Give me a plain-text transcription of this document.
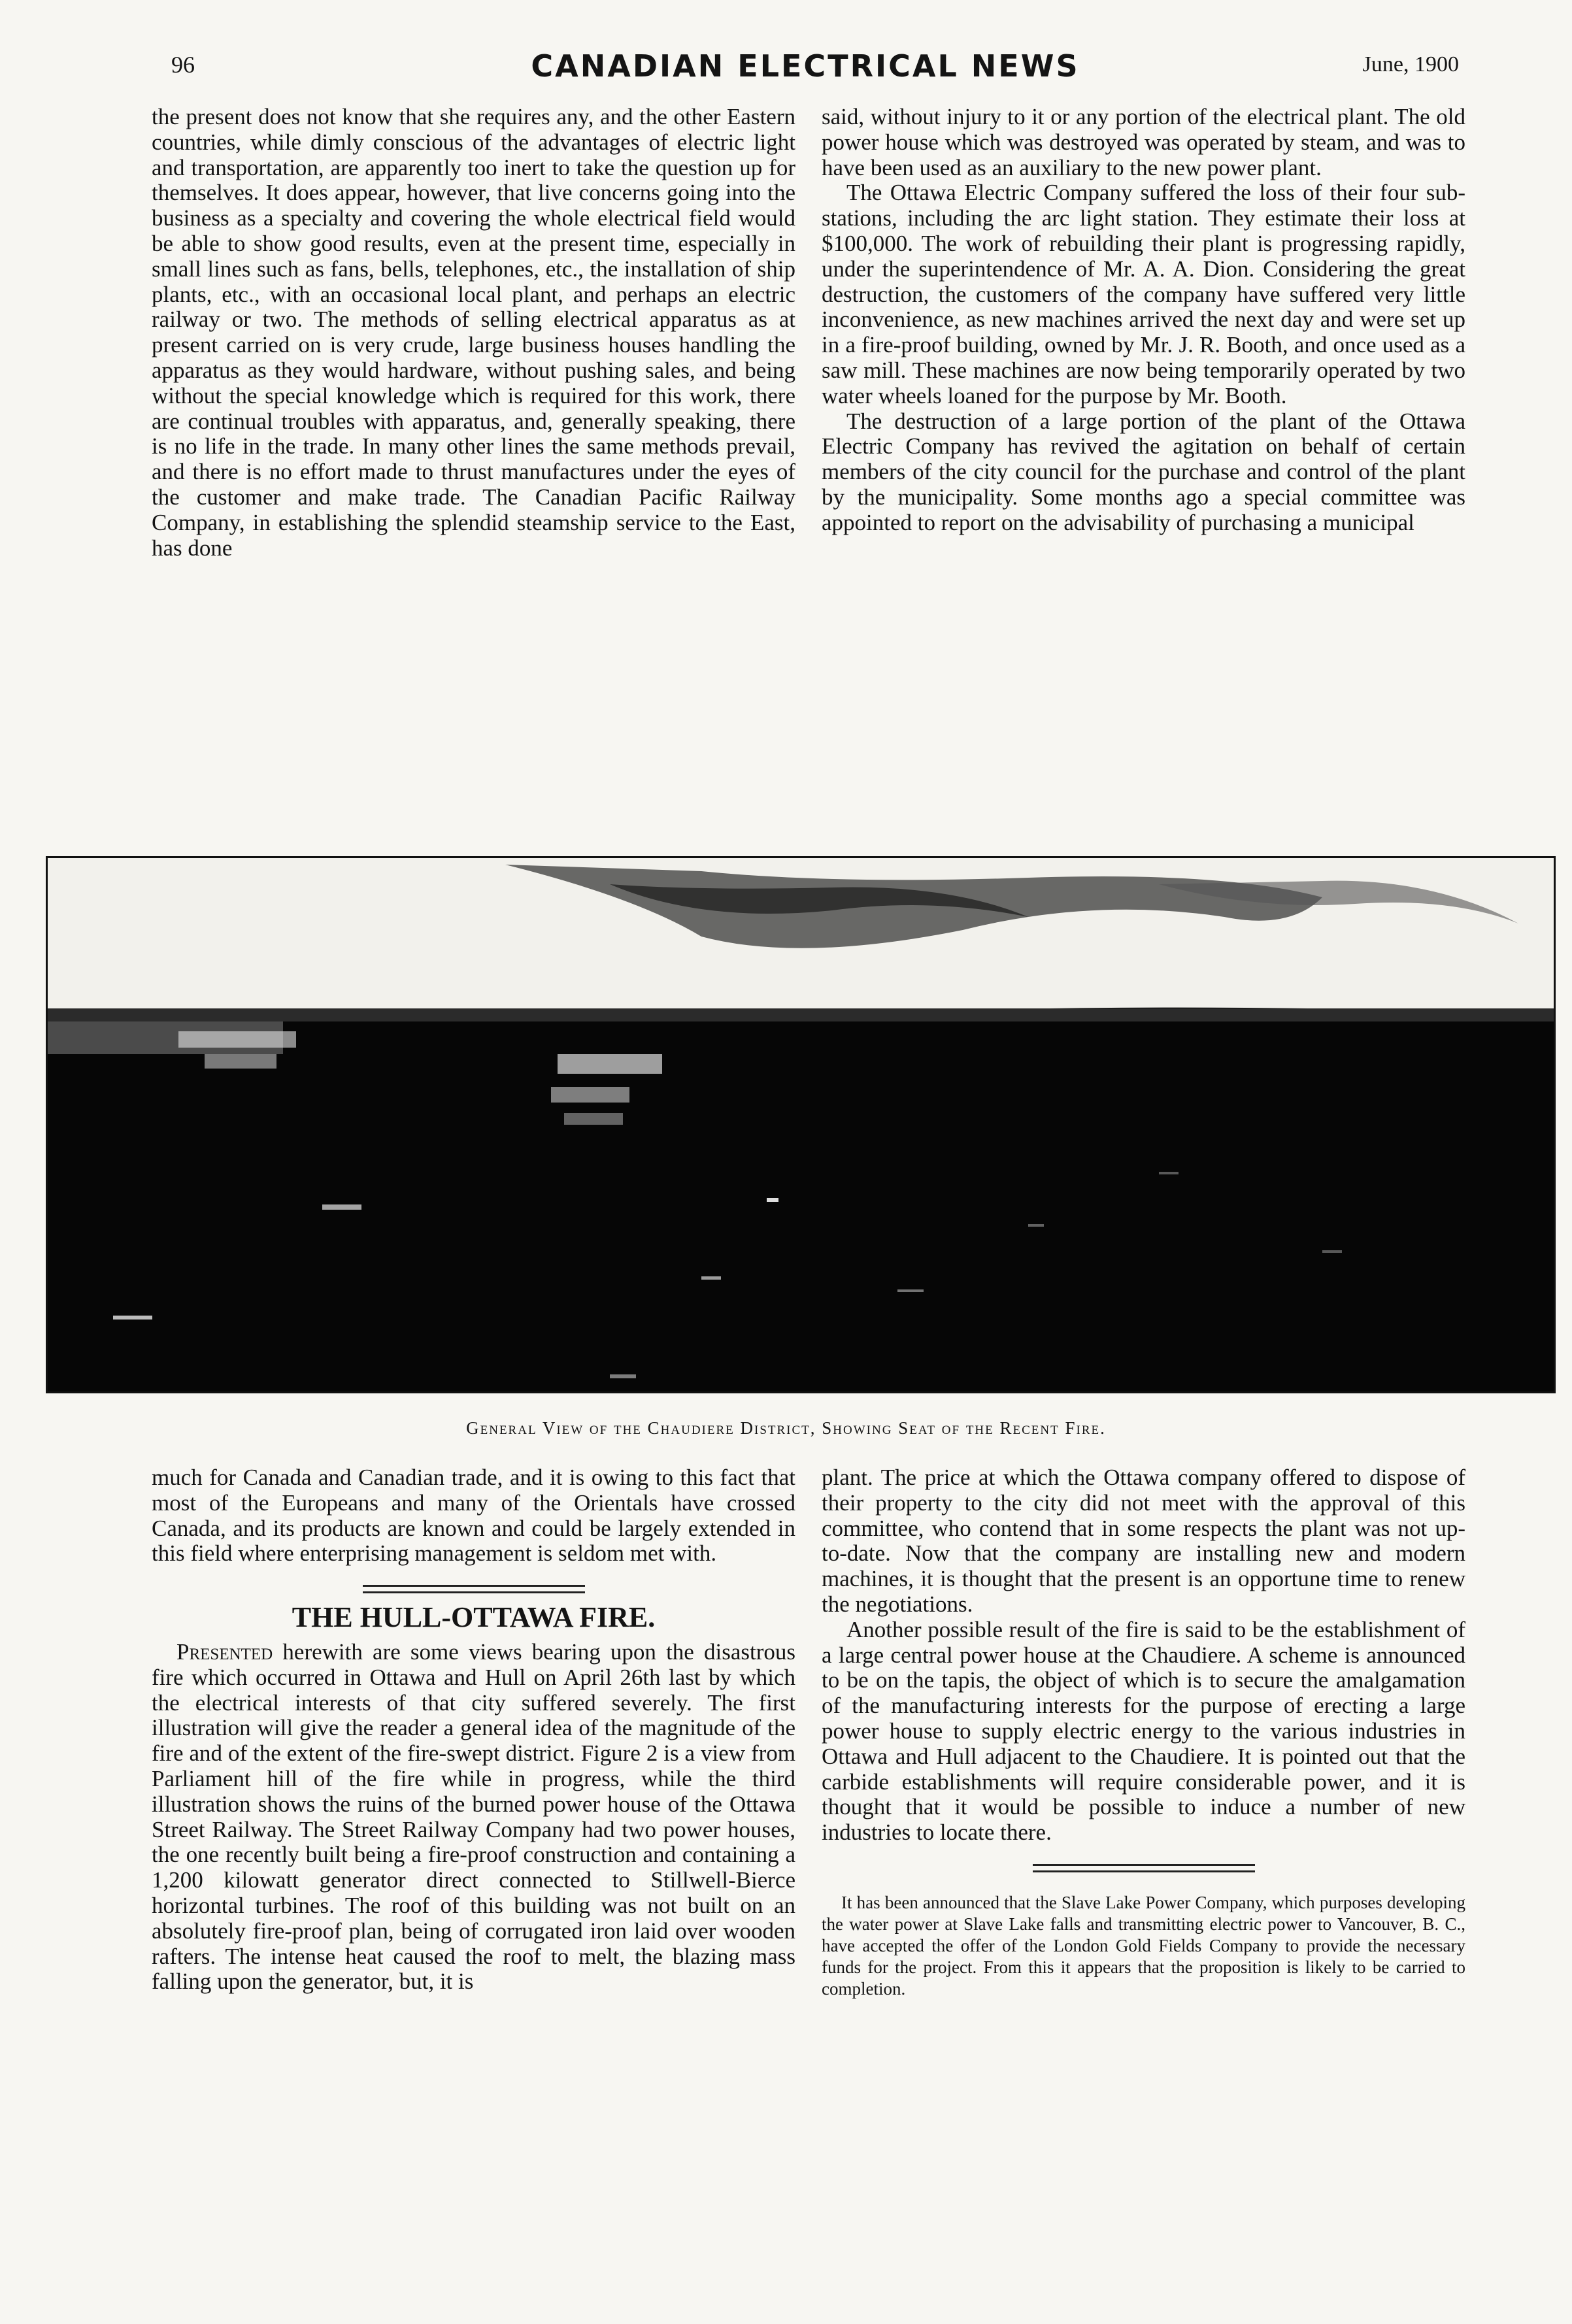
96	CANADIAN ELECTRICAL NEWS	June, 1900

the present does not know that she requires any, and the other Eastern countries, while dimly conscious of the advantages of electric light and transportation, are apparently too inert to take the question up for themselves. It does appear, however, that live concerns going into the business as a specialty and covering the whole electrical field would be able to show good results, even at the present time, especially in small lines such as fans, bells, telephones, etc., the installation of ship plants, etc., with an occasional local plant, and perhaps an electric railway or two. The methods of selling electrical apparatus as at present carried on is very crude, large business houses handling the apparatus as they would hardware, without pushing sales, and being without the special knowledge which is required for this work, there are continual troubles with apparatus, and, generally speaking, there is no life in the trade. In many other lines the same methods prevail, and there is no effort made to thrust manufactures under the eyes of the customer and make trade. The Canadian Pacific Railway Company, in establishing the splendid steamship service to the East, has done

said, without injury to it or any portion of the electrical plant. The old power house which was destroyed was operated by steam, and was to have been used as an auxiliary to the new power plant.

The Ottawa Electric Company suffered the loss of their four sub-stations, including the arc light station. They estimate their loss at $100,000. The work of rebuilding their plant is progressing rapidly, under the superintendence of Mr. A. A. Dion. Considering the great destruction, the customers of the company have suffered very little inconvenience, as new machines arrived the next day and were set up in a fire-proof building, owned by Mr. J. R. Booth, and once used as a saw mill. These machines are now being temporarily operated by two water wheels loaned for the purpose by Mr. Booth.

The destruction of a large portion of the plant of the Ottawa Electric Company has revived the agitation on behalf of certain members of the city council for the purchase and control of the plant by the municipality. Some months ago a special committee was appointed to report on the advisability of purchasing a municipal

General View of the Chaudiere District, Showing Seat of the Recent Fire.

much for Canada and Canadian trade, and it is owing to this fact that most of the Europeans and many of the Orientals have crossed Canada, and its products are known and could be largely extended in this field where enterprising management is seldom met with.

THE HULL-OTTAWA FIRE.

Presented herewith are some views bearing upon the disastrous fire which occurred in Ottawa and Hull on April 26th last by which the electrical interests of that city suffered severely. The first illustration will give the reader a general idea of the magnitude of the fire and of the extent of the fire-swept district. Figure 2 is a view from Parliament hill of the fire while in progress, while the third illustration shows the ruins of the burned power house of the Ottawa Street Railway. The Street Railway Company had two power houses, the one recently built being a fire-proof construction and containing a 1,200 kilowatt generator direct connected to Stillwell-Bierce horizontal turbines. The roof of this building was not built on an absolutely fire-proof plan, being of corrugated iron laid over wooden rafters. The intense heat caused the roof to melt, the blazing mass falling upon the generator, but, it is

plant. The price at which the Ottawa company offered to dispose of their property to the city did not meet with the approval of this committee, who contend that in some respects the plant was not up-to-date. Now that the company are installing new and modern machines, it is thought that the present is an opportune time to renew the negotiations.

Another possible result of the fire is said to be the establishment of a large central power house at the Chaudiere. A scheme is announced to be on the tapis, the object of which is to secure the amalgamation of the manufacturing interests for the purpose of erecting a large power house to supply electric energy to the various industries in Ottawa and Hull adjacent to the Chaudiere. It is pointed out that the carbide establishments will require considerable power, and it is thought that it would be possible to induce a number of new industries to locate there.

It has been announced that the Slave Lake Power Company, which purposes developing the water power at Slave Lake falls and transmitting electric power to Vancouver, B. C., have accepted the offer of the London Gold Fields Company to provide the necessary funds for the project. From this it appears that the proposition is likely to be carried to completion.
